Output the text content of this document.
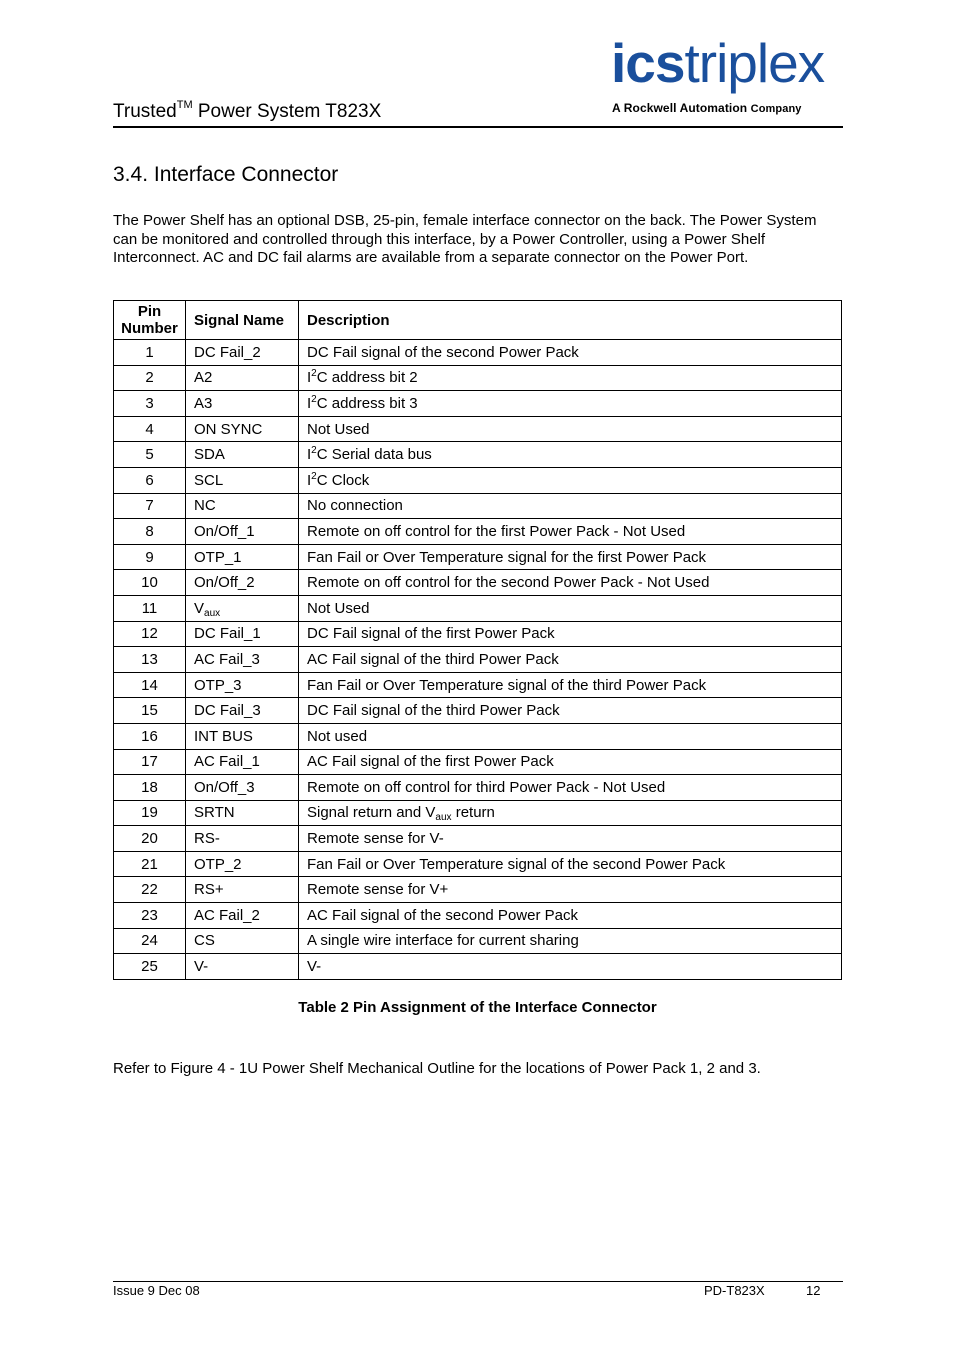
Trusted™ Power System T823X
icstriplex
A Rockwell Automation Company
3.4. Interface Connector
The Power Shelf has an optional DSB, 25-pin, female interface connector on the back. The Power System can be monitored and controlled through this interface, by a Power Controller, using a Power Shelf Interconnect. AC and DC fail alarms are available from a separate connector on the Power Port.
Pin Number	Signal Name	Description
1	DC Fail_2	DC Fail signal of the second Power Pack
2	A2	$I^2C$ address bit 2
3	A3	$I^2C$ address bit 3
4	ON SYNC	Not Used
5	SDA	$I^2C$ Serial data bus
6	SCL	$I^2C$ Clock
7	NC	No connection
8	On/Off_1	Remote on off control for the first Power Pack - Not Used
9	OTP_1	Fan Fail or Over Temperature signal for the first Power Pack
10	On/Off_2	Remote on off control for the second Power Pack - Not Used
11	$V_{aux}$	Not Used
12	DC Fail_1	DC Fail signal of the first Power Pack
13	AC Fail_3	AC Fail signal of the third Power Pack
14	OTP_3	Fan Fail or Over Temperature signal of the third Power Pack
15	DC Fail_3	DC Fail signal of the third Power Pack
16	INT BUS	Not used
17	AC Fail_1	AC Fail signal of the first Power Pack
18	On/Off_3	Remote on off control for third Power Pack - Not Used
19	SRTN	Signal return and $V_{aux}$ return
20	RS-	Remote sense for V-
21	OTP_2	Fan Fail or Over Temperature signal of the second Power Pack
22	RS+	Remote sense for V+
23	AC Fail_2	AC Fail signal of the second Power Pack
24	CS	A single wire interface for current sharing
25	V-	V-
Table 2 Pin Assignment of the Interface Connector
Refer to Figure 4 - 1U Power Shelf Mechanical Outline for the locations of Power Pack 1, 2 and 3.
Issue 9 Dec 08	PD-T823X	12
